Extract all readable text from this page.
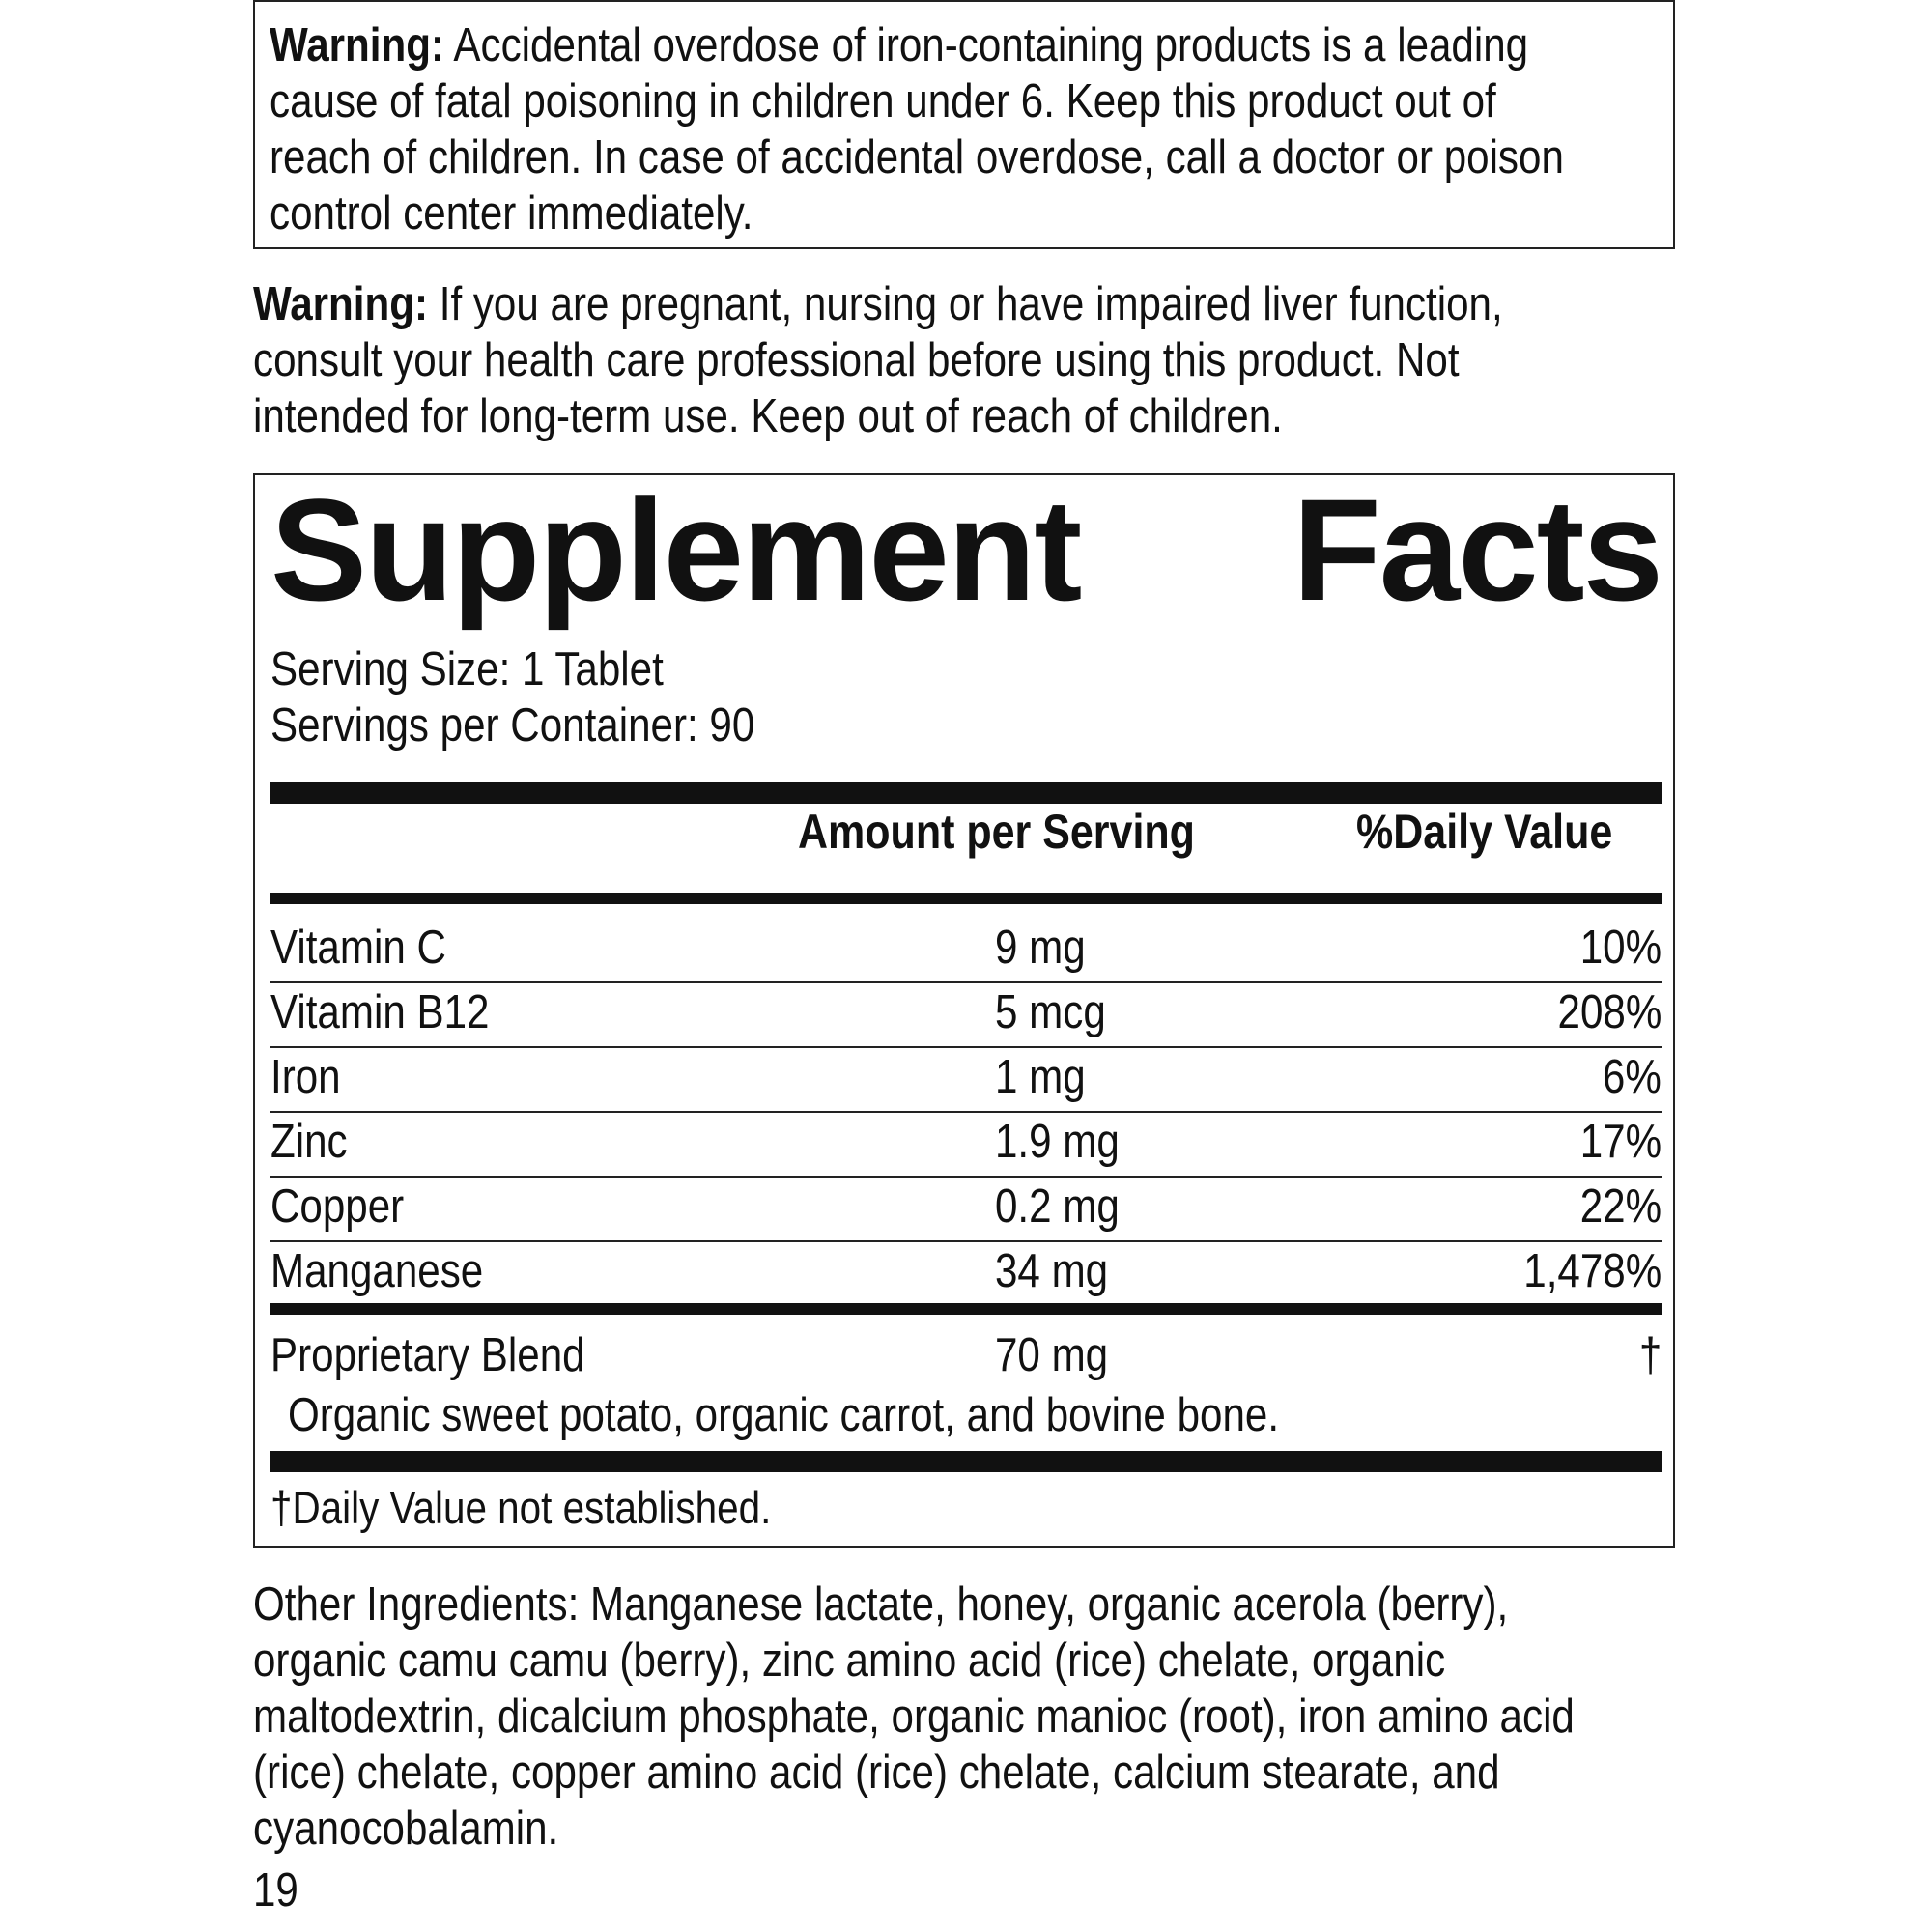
Warning: Accidental overdose of iron-containing products is a leading
cause of fatal poisoning in children under 6. Keep this product out of
reach of children. In case of accidental overdose, call a doctor or poison
control center immediately.
Warning: If you are pregnant, nursing or have impaired liver function,
consult your health care professional before using this product. Not
intended for long-term use. Keep out of reach of children.
Supplement Facts
Serving Size: 1 Tablet
Servings per Container: 90
Amount per Serving	%Daily Value
Vitamin C	9 mg	10%
Vitamin B12	5 mcg	208%
Iron	1 mg	6%
Zinc	1.9 mg	17%
Copper	0.2 mg	22%
Manganese	34 mg	1,478%
Proprietary Blend	70 mg	†
Organic sweet potato, organic carrot, and bovine bone.
†Daily Value not established.
Other Ingredients: Manganese lactate, honey, organic acerola (berry),
organic camu camu (berry), zinc amino acid (rice) chelate, organic
maltodextrin, dicalcium phosphate, organic manioc (root), iron amino acid
(rice) chelate, copper amino acid (rice) chelate, calcium stearate, and
cyanocobalamin.
19
